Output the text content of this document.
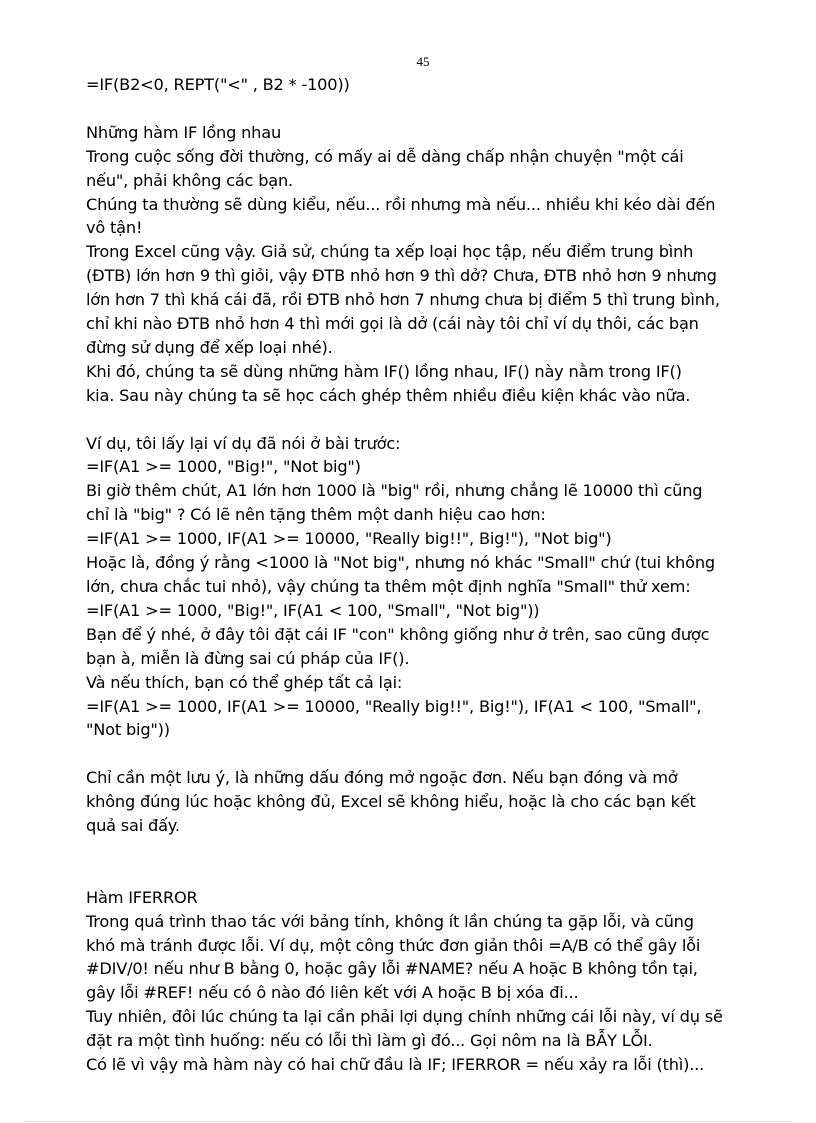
45
=IF(B2<0, REPT("<" , B2 * -100))
Những hàm IF lồng nhau
Trong cuộc sống đời thường, có mấy ai dễ dàng chấp nhận chuyện "một cái
nếu", phải không các bạn.
Chúng ta thường sẽ dùng kiểu, nếu... rồi nhưng mà nếu... nhiều khi kéo dài đến
vô tận!
Trong Excel cũng vậy. Giả sử, chúng ta xếp loại học tập, nếu điểm trung bình
(ĐTB) lớn hơn 9 thì giỏi, vậy ĐTB nhỏ hơn 9 thì dở? Chưa, ĐTB nhỏ hơn 9 nhưng
lớn hơn 7 thì khá cái đã, rồi ĐTB nhỏ hơn 7 nhưng chưa bị điểm 5 thì trung bình,
chỉ khi nào ĐTB nhỏ hơn 4 thì mới gọi là dở (cái này tôi chỉ ví dụ thôi, các bạn
đừng sử dụng để xếp loại nhé).
Khi đó, chúng ta sẽ dùng những hàm IF() lồng nhau, IF() này nằm trong IF()
kia. Sau này chúng ta sẽ học cách ghép thêm nhiều điều kiện khác vào nữa.
Ví dụ, tôi lấy lại ví dụ đã nói ở bài trước:
=IF(A1 >= 1000, "Big!", "Not big")
Bi giờ thêm chút, A1 lớn hơn 1000 là "big" rồi, nhưng chẳng lẽ 10000 thì cũng
chỉ là "big" ? Có lẽ nên tặng thêm một danh hiệu cao hơn:
=IF(A1 >= 1000, IF(A1 >= 10000, "Really big!!", Big!"), "Not big")
Hoặc là, đồng ý rằng <1000 là "Not big", nhưng nó khác "Small" chứ (tui không
lớn, chưa chắc tui nhỏ), vậy chúng ta thêm một định nghĩa "Small" thử xem:
=IF(A1 >= 1000, "Big!", IF(A1 < 100, "Small", "Not big"))
Bạn để ý nhé, ở đây tôi đặt cái IF "con" không giống như ở trên, sao cũng được
bạn à, miễn là đừng sai cú pháp của IF().
Và nếu thích, bạn có thể ghép tất cả lại:
=IF(A1 >= 1000, IF(A1 >= 10000, "Really big!!", Big!"), IF(A1 < 100, "Small",
"Not big"))
Chỉ cần một lưu ý, là những dấu đóng mở ngoặc đơn. Nếu bạn đóng và mở
không đúng lúc hoặc không đủ, Excel sẽ không hiểu, hoặc là cho các bạn kết
quả sai đấy.
Hàm IFERROR
Trong quá trình thao tác với bảng tính, không ít lần chúng ta gặp lỗi, và cũng
khó mà tránh được lỗi. Ví dụ, một công thức đơn giản thôi =A/B có thể gây lỗi
#DIV/0! nếu như B bằng 0, hoặc gây lỗi #NAME? nếu A hoặc B không tồn tại,
gây lỗi #REF! nếu có ô nào đó liên kết với A hoặc B bị xóa đi...
Tuy nhiên, đôi lúc chúng ta lại cần phải lợi dụng chính những cái lỗi này, ví dụ sẽ
đặt ra một tình huống: nếu có lỗi thì làm gì đó... Gọi nôm na là BẪY LỖI.
Có lẽ vì vậy mà hàm này có hai chữ đầu là IF; IFERROR = nếu xảy ra lỗi (thì)...
